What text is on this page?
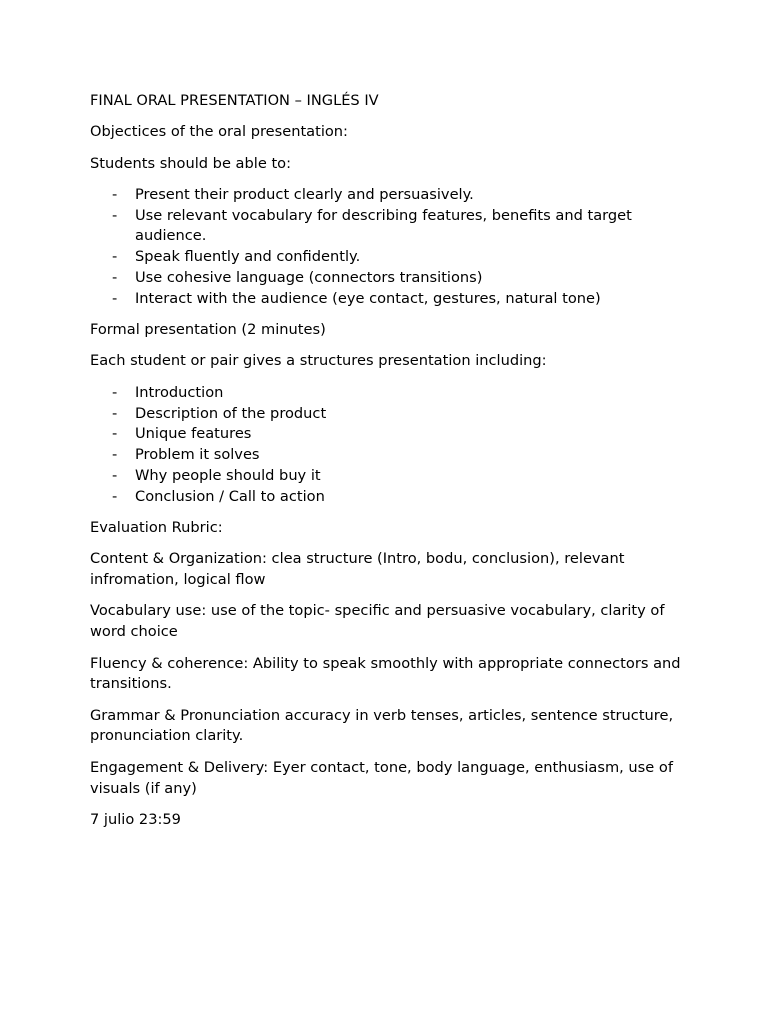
FINAL ORAL PRESENTATION – INGLÉS IV

Objectices of the oral presentation:

Students should be able to:

- Present their product clearly and persuasively.
- Use relevant vocabulary for describing features, benefits and target audience.
- Speak fluently and confidently.
- Use cohesive language (connectors transitions)
- Interact with the audience (eye contact, gestures, natural tone)

Formal presentation (2 minutes)

Each student or pair gives a structures presentation including:

- Introduction
- Description of the product
- Unique features
- Problem it solves
- Why people should buy it
- Conclusion / Call to action

Evaluation Rubric:

Content & Organization: clea structure (Intro, bodu, conclusion), relevant infromation, logical flow

Vocabulary use: use of the topic- specific and persuasive vocabulary, clarity of word choice

Fluency & coherence: Ability to speak smoothly with appropriate connectors and transitions.

Grammar & Pronunciation accuracy in verb tenses, articles, sentence structure, pronunciation clarity.

Engagement & Delivery: Eyer contact, tone, body language, enthusiasm, use of visuals (if any)

7 julio 23:59
